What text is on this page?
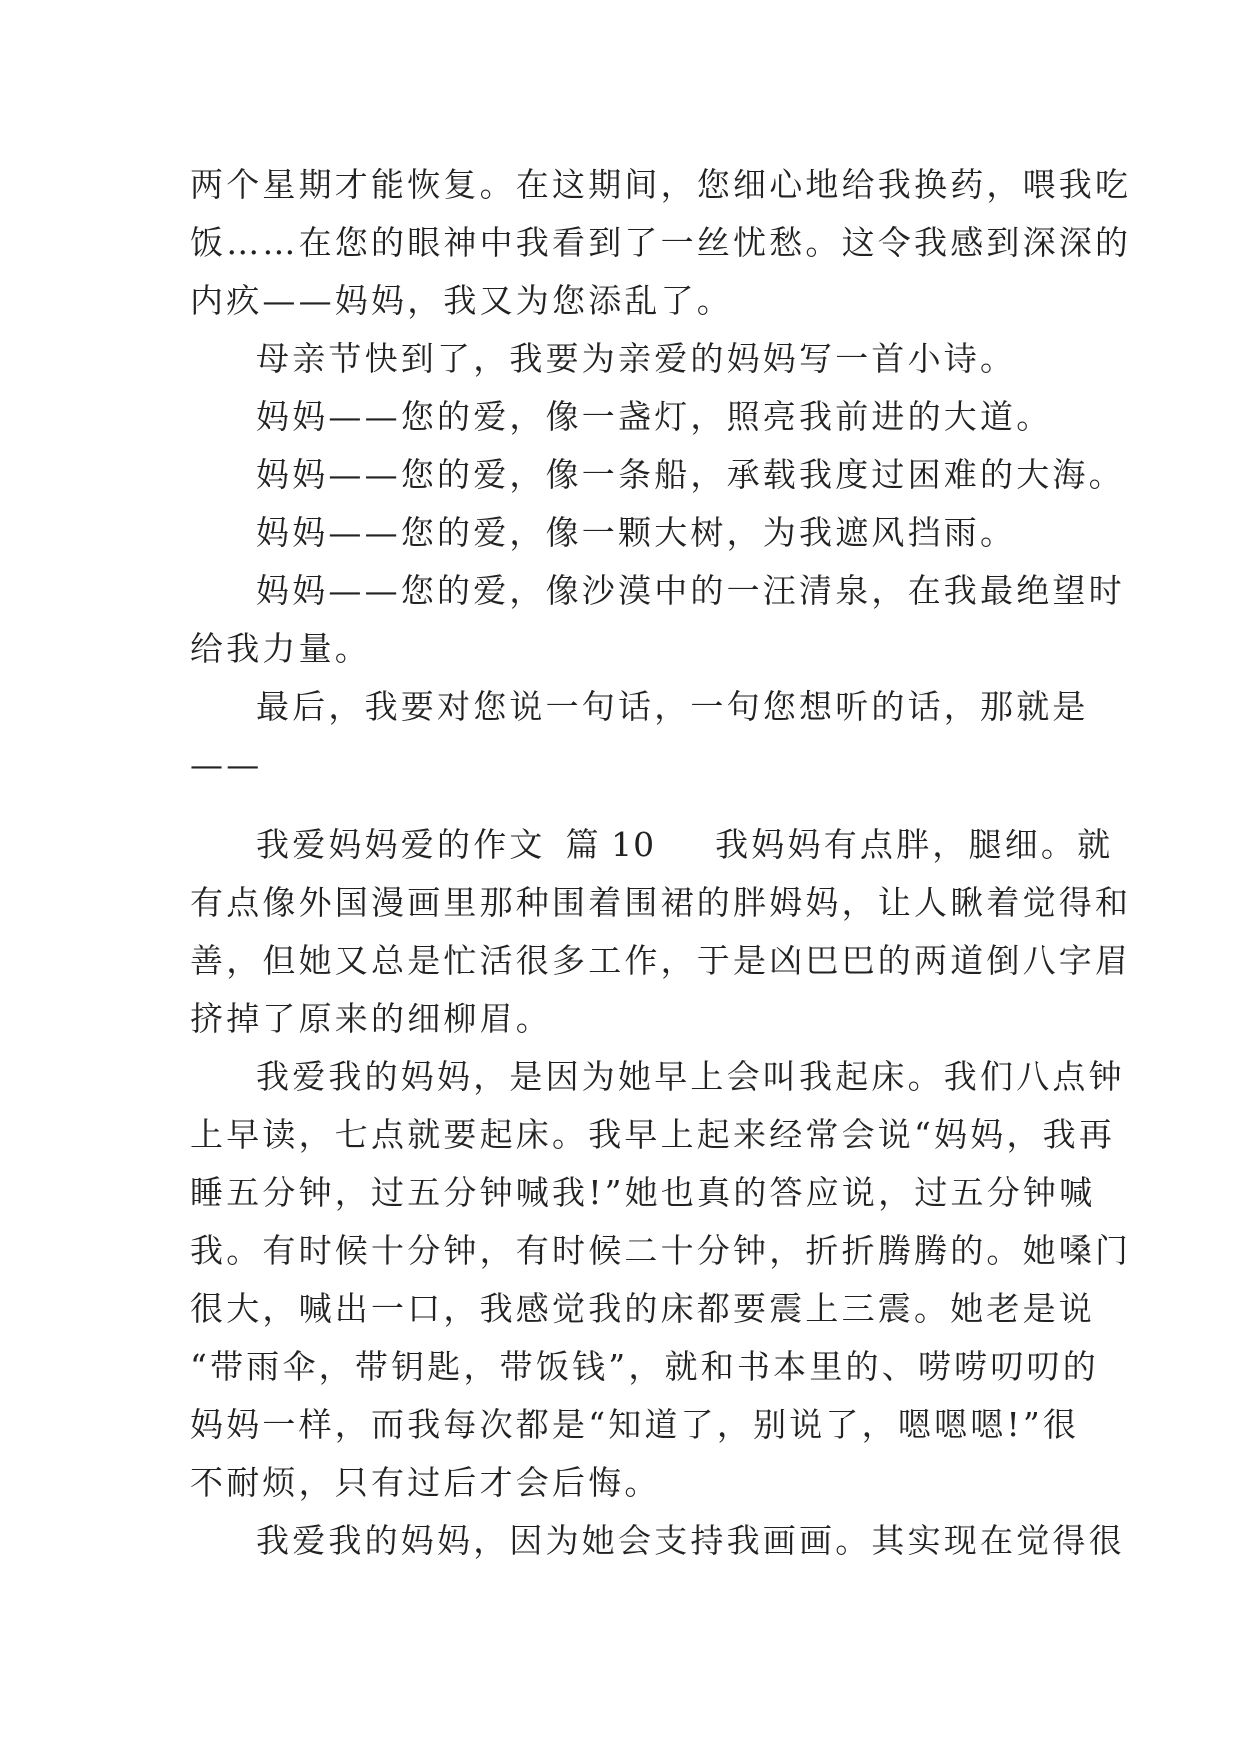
两个星期才能恢复。在这期间，您细心地给我换药，喂我吃
饭……在您的眼神中我看到了一丝忧愁。这令我感到深深的
内疚——妈妈，我又为您添乱了。
母亲节快到了，我要为亲爱的妈妈写一首小诗。
妈妈——您的爱，像一盏灯，照亮我前进的大道。
妈妈——您的爱，像一条船，承载我度过困难的大海。
妈妈——您的爱，像一颗大树，为我遮风挡雨。
妈妈——您的爱，像沙漠中的一汪清泉，在我最绝望时
给我力量。
最后，我要对您说一句话，一句您想听的话，那就是
——
我爱妈妈爱的作文 篇 10 我妈妈有点胖，腿细。就
有点像外国漫画里那种围着围裙的胖姆妈，让人瞅着觉得和
善，但她又总是忙活很多工作，于是凶巴巴的两道倒八字眉
挤掉了原来的细柳眉。
我爱我的妈妈，是因为她早上会叫我起床。我们八点钟
上早读，七点就要起床。我早上起来经常会说“妈妈，我再
睡五分钟，过五分钟喊我!”她也真的答应说，过五分钟喊
我。有时候十分钟，有时候二十分钟，折折腾腾的。她嗓门
很大，喊出一口，我感觉我的床都要震上三震。她老是说
“带雨伞，带钥匙，带饭钱”，就和书本里的、唠唠叨叨的
妈妈一样，而我每次都是“知道了，别说了，嗯嗯嗯!”很
不耐烦，只有过后才会后悔。
我爱我的妈妈，因为她会支持我画画。其实现在觉得很
